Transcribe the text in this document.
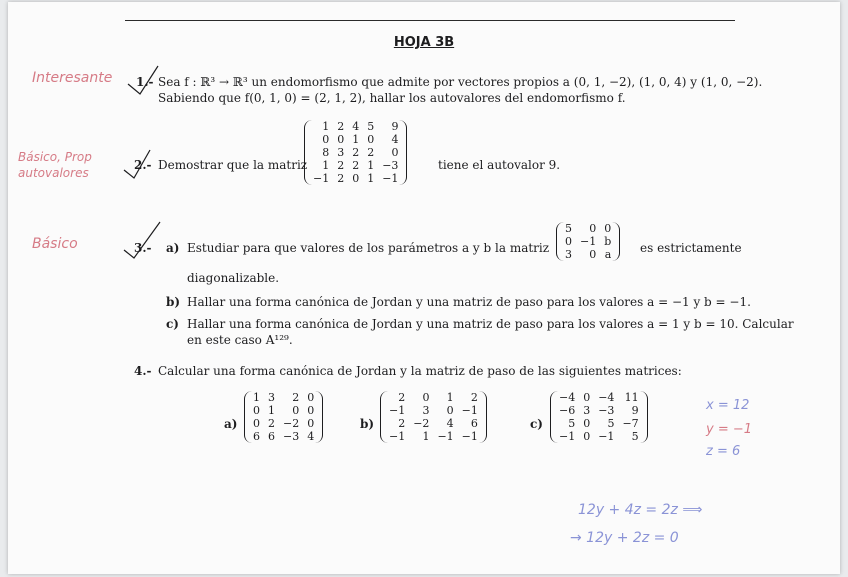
HOJA 3B
Interesante
Básico, Prop
autovalores
Básico
1.- Sea f : ℝ³ → ℝ³ un endomorfismo que admite por vectores propios a (0, 1, −2), (1, 0, 4) y (1, 0, −2).
Sabiendo que f(0, 1, 0) = (2, 1, 2), hallar los autovalores del endomorfismo f.
2.- Demostrar que la matriz
1	2	4	5	9
0	0	1	0	4
8	3	2	2	0
1	2	2	1	−3
−1	2	0	1	−1
tiene el autovalor 9.
3.- a) Estudiar para que valores de los parámetros a y b la matriz
5	0	0
0	−1	b
3	0	a es estrictamente
diagonalizable.
b) Hallar una forma canónica de Jordan y una matriz de paso para los valores a = −1 y b = −1.
c) Hallar una forma canónica de Jordan y una matriz de paso para los valores a = 1 y b = 10. Calcular
en este caso A¹²⁹.
4.- Calcular una forma canónica de Jordan y la matriz de paso de las siguientes matrices:
a)
1	3	2	0
0	1	0	0
0	2	−2	0
6	6	−3	4
b)
2	0	1	2
−1	3	0	−1
2	−2	4	6
−1	1	−1	−1
c)
−4	0	−4	11
−6	3	−3	9
5	0	5	−7
−1	0	−1	5
x = 12
y = −1
z = 6
12y + 4z = 2z ⟹
→ 12y + 2z = 0
